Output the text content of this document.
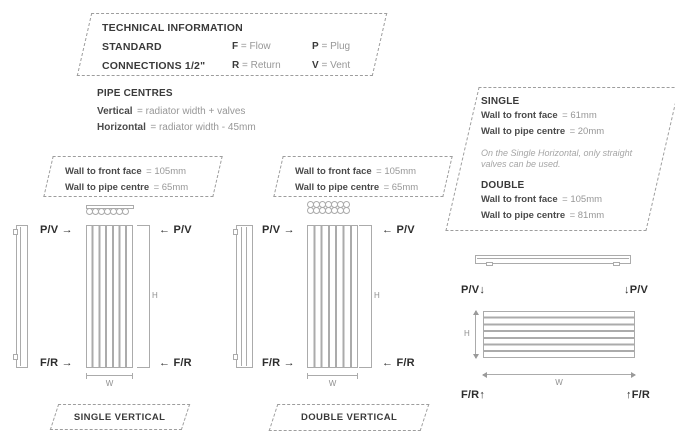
TECHNICAL INFORMATION
STANDARD	F = Flow	P = Plug
CONNECTIONS 1/2"	R = Return	V = Vent
PIPE CENTRES
Vertical = radiator width + valves
Horizontal = radiator width - 45mm
SINGLE
Wall to front face = 61mm
Wall to pipe centre = 20mm
On the Single Horizontal, only straight valves can be used.
DOUBLE
Wall to front face = 105mm
Wall to pipe centre = 81mm
Wall to front face = 105mm
Wall to pipe centre = 65mm
Wall to front face = 105mm
Wall to pipe centre = 65mm
P/V →	← P/V
H
F/R →	← F/R
W
P/V →	← P/V
H
F/R →	← F/R
W
P/V↓	↓P/V
H
W
F/R↑	↑F/R
SINGLE VERTICAL	DOUBLE VERTICAL
